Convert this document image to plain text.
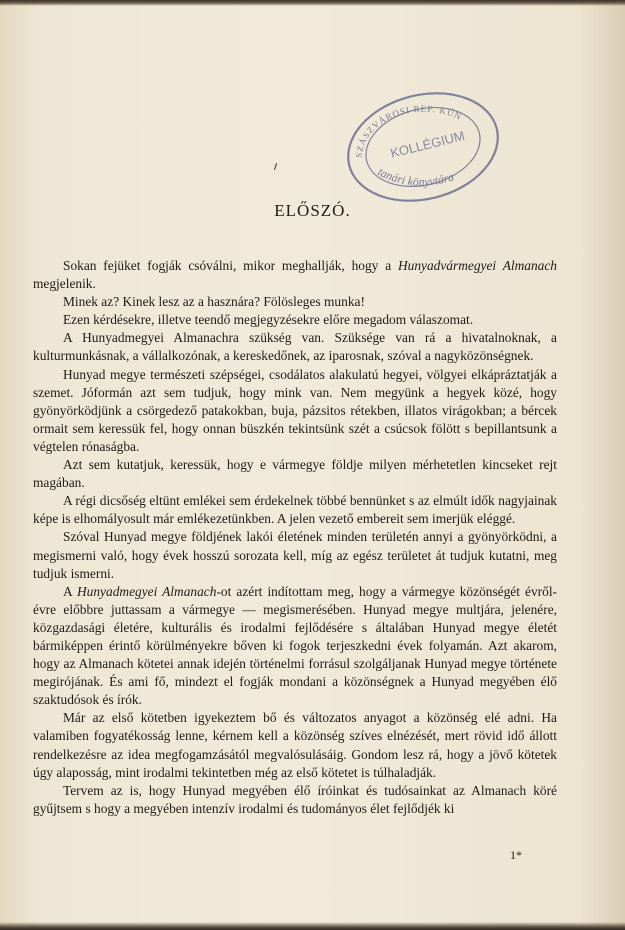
SZÁSZVÁROSI REF. KÚN
KOLLÉGIUM
tanári könyvtára
ELŐSZÓ.

Sokan fejüket fogják csóválni, mikor meghallják, hogy a Hunyadvármegyei Almanach megjelenik.

Minek az? Kinek lesz az a hasznára? Fölösleges munka!

Ezen kérdésekre, illetve teendő megjegyzésekre előre megadom válaszomat.

A Hunyadmegyei Almanachra szükség van. Szüksége van rá a hivatalnoknak, a kulturmunkásnak, a vállalkozónak, a kereskedőnek, az iparosnak, szóval a nagyközönségnek.

Hunyad megye természeti szépségei, csodálatos alakulatú hegyei, völgyei elkápráztatják a szemet. Jóformán azt sem tudjuk, hogy mink van. Nem megyünk a hegyek közé, hogy gyönyörködjünk a csörgedező patakokban, buja, pázsitos rétekben, illatos virágokban; a bércek ormait sem keressük fel, hogy onnan büszkén tekintsünk szét a csúcsok fölött s bepillantsunk a végtelen rónaságba.

Azt sem kutatjuk, keressük, hogy e vármegye földje milyen mérhetetlen kincseket rejt magában.

A régi dicsőség eltünt emlékei sem érdekelnek többé bennünket s az elmúlt idők nagyjainak képe is elhomályosult már emlékezetünkben. A jelen vezető embereit sem imerjük eléggé.

Szóval Hunyad megye földjének lakói életének minden területén annyi a gyönyörködni, a megismerni való, hogy évek hosszú sorozata kell, míg az egész területet át tudjuk kutatni, meg tudjuk ismerni.

A Hunyadmegyei Almanach-ot azért indítottam meg, hogy a vármegye közönségét évről-évre előbbre juttassam a vármegye — megismerésében. Hunyad megye multjára, jelenére, közgazdasági életére, kulturális és irodalmi fejlődésére s általában Hunyad megye életét bármiképpen érintő körülményekre bőven ki fogok terjeszkedni évek folyamán. Azt akarom, hogy az Almanach kötetei annak idején történelmi forrásul szolgáljanak Hunyad megye története megirójának. És ami fő, mindezt el fogják mondani a közönségnek a Hunyad megyében élő szaktudósok és írók.

Már az első kötetben igyekeztem bő és változatos anyagot a közönség elé adni. Ha valamiben fogyatékosság lenne, kérnem kell a közönség szíves elnézését, mert rövid idő állott rendelkezésre az idea megfogamzásától megvalósulásáig. Gondom lesz rá, hogy a jövő kötetek úgy alaposság, mint irodalmi tekintetben még az első kötetet is túlhaladják.

Tervem az is, hogy Hunyad megyében élő íróinkat és tudósainkat az Almanach köré gyűjtsem s hogy a megyében intenzív irodalmi és tudományos élet fejlődjék ki

1*
